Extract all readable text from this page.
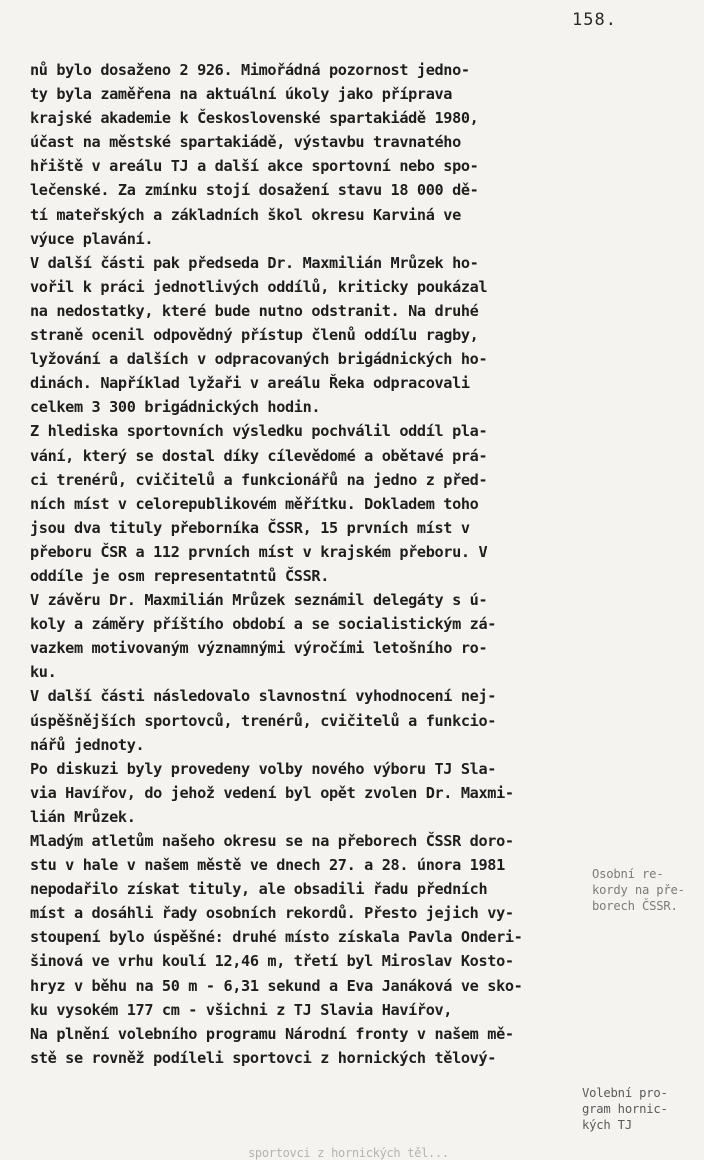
158.
nů bylo dosaženo 2 926. Mimořádná pozornost jedno-
ty byla zaměřena na aktuální úkoly jako příprava
krajské akademie k Československé spartakiádě 1980,
účast na městské spartakiádě, výstavbu travnatého
hřiště v areálu TJ a další akce sportovní nebo spo-
lečenské. Za zmínku stojí dosažení stavu 18 000 dě-
tí mateřských a základních škol okresu Karviná ve
výuce plavání.
V další části pak předseda Dr. Maxmilián Mrůzek ho-
vořil k práci jednotlivých oddílů, kriticky poukázal
na nedostatky, které bude nutno odstranit. Na druhé
straně ocenil odpovědný přístup členů oddílu ragby,
lyžování a dalších v odpracovaných brigádnických ho-
dinách. Například lyžaři v areálu Řeka odpracovali
celkem 3 300 brigádnických hodin.
Z hlediska sportovních výsledku pochválil oddíl pla-
vání, který se dostal díky cílevědomé a obětavé prá-
ci trenérů, cvičitelů a funkcionářů na jedno z před-
ních míst v celorepublikovém měřítku. Dokladem toho
jsou dva tituly přeborníka ČSSR, 15 prvních míst v
přeboru ČSR a 112 prvních míst v krajském přeboru. V
oddíle je osm representatntů ČSSR.
V závěru Dr. Maxmilián Mrůzek seznámil delegáty s ú-
koly a záměry příštího období a se socialistickým zá-
vazkem motivovaným významnými výročími letošního ro-
ku.
V další části následovalo slavnostní vyhodnocení nej-
úspěšnějších sportovců, trenérů, cvičitelů a funkcio-
nářů jednoty.
Po diskuzi byly provedeny volby nového výboru TJ Sla-
via Havířov, do jehož vedení byl opět zvolen Dr. Maxmi-
lián Mrůzek.
Mladým atletům našeho okresu se na přeborech ČSSR doro-
stu v hale v našem městě ve dnech 27. a 28. února 1981
nepodařilo získat tituly, ale obsadili řadu předních
míst a dosáhli řady osobních rekordů. Přesto jejich vy-
stoupení bylo úspěšné: druhé místo získala Pavla Onderi-
šinová ve vrhu koulí 12,46 m, třetí byl Miroslav Kosto-
hryz v běhu na 50 m - 6,31 sekund a Eva Janáková ve sko-
ku vysokém 177 cm - všichni z TJ Slavia Havířov,
Na plnění volebního programu Národní fronty v našem mě-
stě se rovněž podíleli sportovci z hornických tělový-
Osobní re-
kordy na pře-
borech ČSSR.
Volební pro-
gram hornic-
kých TJ
sportovci z hornických těl...
